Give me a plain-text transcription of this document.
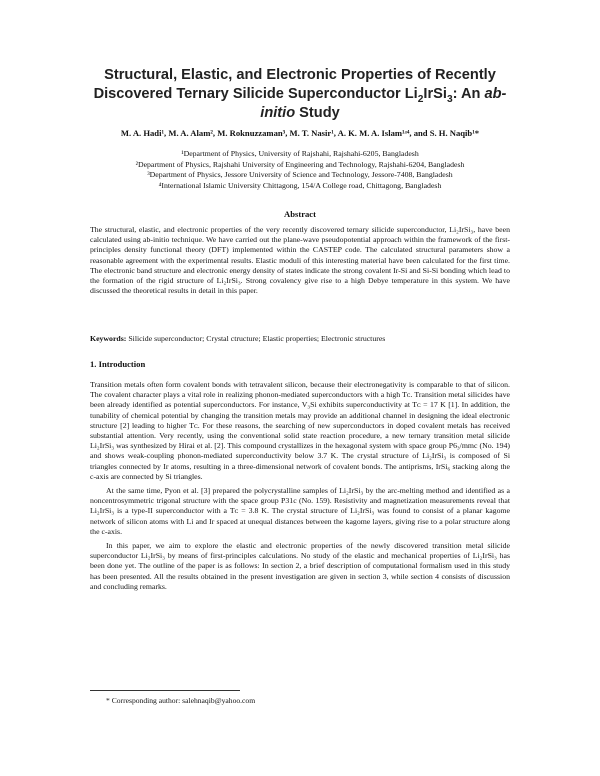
Structural, Elastic, and Electronic Properties of Recently Discovered Ternary Silicide Superconductor $Li_2IrSi_3$: An ab-initio Study
M. A. Hadi¹, M. A. Alam², M. Roknuzzaman³, M. T. Nasir¹, A. K. M. A. Islam¹ʴ⁴, and S. H. Naqib¹*
¹Department of Physics, University of Rajshahi, Rajshahi-6205, Bangladesh
²Department of Physics, Rajshahi University of Engineering and Technology, Rajshahi-6204, Bangladesh
³Department of Physics, Jessore University of Science and Technology, Jessore-7408, Bangladesh
⁴International Islamic University Chittagong, 154/A College road, Chittagong, Bangladesh
Abstract
The structural, elastic, and electronic properties of the very recently discovered ternary silicide superconductor, Li₂IrSi₃, have been calculated using ab-initio technique. We have carried out the plane-wave pseudopotential approach within the framework of the first-principles density functional theory (DFT) implemented within the CASTEP code. The calculated structural parameters show a reasonable agreement with the experimental results. Elastic moduli of this interesting material have been calculated for the first time. The electronic band structure and electronic energy density of states indicate the strong covalent Ir-Si and Si-Si bonding which lead to the formation of the rigid structure of Li₂IrSi₃. Strong covalency give rise to a high Debye temperature in this system. We have discussed the theoretical results in detail in this paper.
Keywords: Silicide superconductor; Crystal ctructure; Elastic properties; Electronic structures
1. Introduction

Transition metals often form covalent bonds with tetravalent silicon, because their electronegativity is comparable to that of silicon. The covalent character plays a vital role in realizing phonon-mediated superconductors with a high Tᴄ. Transition metal silicides have been already identified as potential superconductors. For instance, V₃Si exhibits superconductivity at Tᴄ = 17 K [1]. In addition, the tunability of chemical potential by changing the transition metals may provide an additional channel in designing the ideal electronic structure [2] leading to higher Tᴄ. For these reasons, the searching of new superconductors in doped covalent metals has received substantial attention. Very recently, using the conventional solid state reaction procedure, a new ternary transition metal silicide Li₂IrSi₃ was synthesized by Hirai et al. [2]. This compound crystallizes in the hexagonal system with space group P6₃/mmc (No. 194) and shows weak-coupling phonon-mediated superconductivity below 3.7 K. The crystal structure of Li₂IrSi₃ is composed of Si triangles connected by Ir atoms, resulting in a three-dimensional network of covalent bonds. The antiprisms, IrSi₆ stacking along the c-axis are connected by Si triangles.

At the same time, Pyon et al. [3] prepared the polycrystalline samples of Li₂IrSi₃ by the arc-melting method and identified as a noncentrosymmetric trigonal structure with the space group P31c (No. 159). Resistivity and magnetization measurements reveal that Li₂IrSi₃ is a type-II superconductor with a Tᴄ = 3.8 K. The crystal structure of Li₂IrSi₃ was found to consist of a planar kagome network of silicon atoms with Li and Ir spaced at unequal distances between the kagome layers, giving rise to a polar structure along the c-axis.

In this paper, we aim to explore the elastic and electronic properties of the newly discovered transition metal silicide superconductor Li₂IrSi₃ by means of first-principles calculations. No study of the elastic and mechanical properties of Li₂IrSi₃ has been done yet. The outline of the paper is as follows: In section 2, a brief description of computational formalism used in this study has been presented. All the results obtained in the present investigation are given in section 3, while section 4 consists of discussion and concluding remarks.

* Corresponding author: salehnaqib@yahoo.com
